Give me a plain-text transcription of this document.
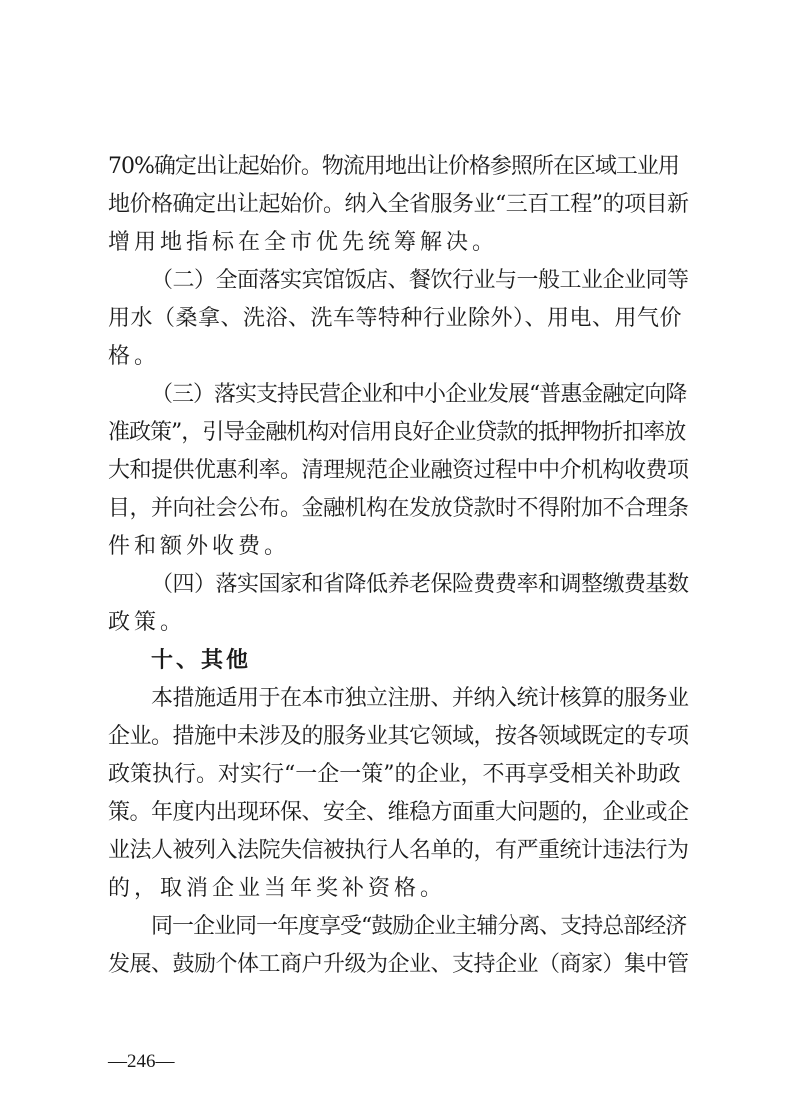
70%确定出让起始价。物流用地出让价格参照所在区域工业用
地价格确定出让起始价。纳入全省服务业“三百工程”的项目新
增用地指标在全市优先统筹解决。
（二）全面落实宾馆饭店、餐饮行业与一般工业企业同等
用水（桑拿、洗浴、洗车等特种行业除外）、用电、用气价
格。
（三）落实支持民营企业和中小企业发展“普惠金融定向降
准政策”，引导金融机构对信用良好企业贷款的抵押物折扣率放
大和提供优惠利率。清理规范企业融资过程中中介机构收费项
目，并向社会公布。金融机构在发放贷款时不得附加不合理条
件和额外收费。
（四）落实国家和省降低养老保险费费率和调整缴费基数
政策。
十、其他
本措施适用于在本市独立注册、并纳入统计核算的服务业
企业。措施中未涉及的服务业其它领域，按各领域既定的专项
政策执行。对实行“一企一策”的企业，不再享受相关补助政
策。年度内出现环保、安全、维稳方面重大问题的，企业或企
业法人被列入法院失信被执行人名单的，有严重统计违法行为
的，取消企业当年奖补资格。
同一企业同一年度享受“鼓励企业主辅分离、支持总部经济
发展、鼓励个体工商户升级为企业、支持企业（商家）集中管
—246—
